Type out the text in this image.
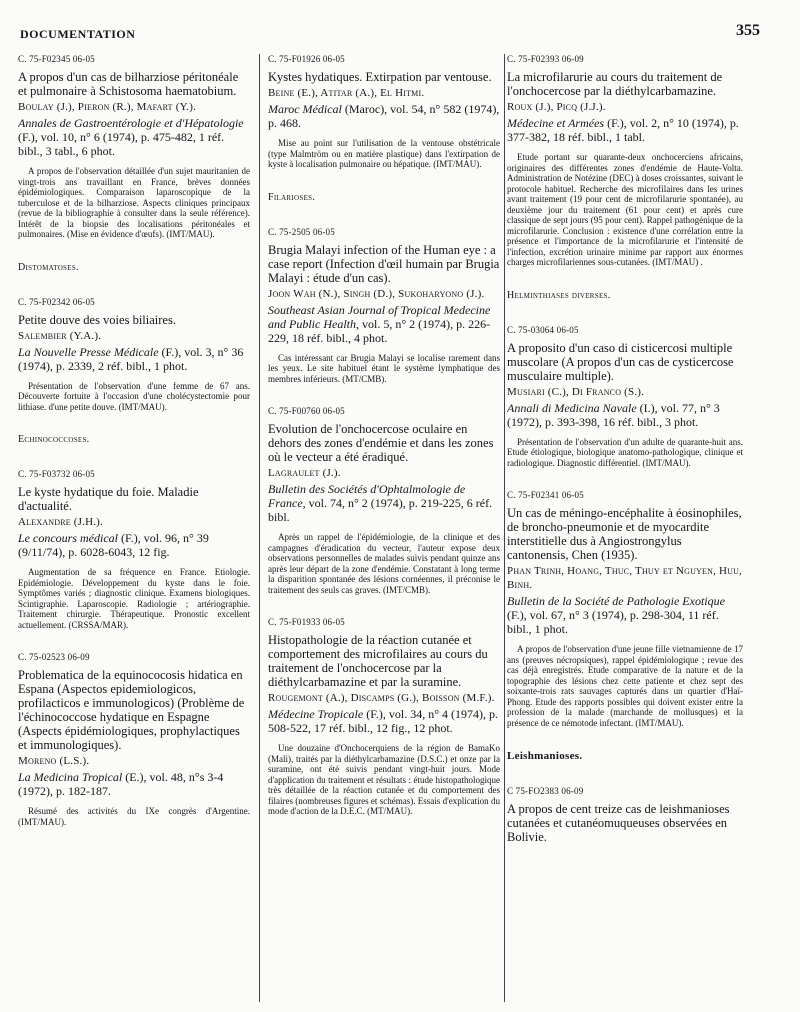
DOCUMENTATION	355
C. 75-F02345 06-05
A propos d'un cas de bilharziose péritonéale et pulmonaire à Schistosoma haematobium.
Boulay (J.), Pieron (R.), Mafart (Y.).
Annales de Gastroentérologie et d'Hépatologie (F.), vol. 10, n° 6 (1974), p. 475-482, 1 réf. bibl., 3 tabl., 6 phot.
A propos de l'observation détaillée d'un sujet mauritanien de vingt-trois ans travaillant en France, brèves données épidémiologiques. Comparaison laparoscopique de la tuberculose et de la bilharziose. Aspects cliniques principaux (revue de la bibliographie à consulter dans la seule référence). Intérêt de la biopsie des localisations péritonéales et pulmonaires. (Mise en évidence d'œufs). (IMT/MAU).
Distomatoses.
C. 75-F02342 06-05
Petite douve des voies biliaires.
Salembier (Y.A.).
La Nouvelle Presse Médicale (F.), vol. 3, n° 36 (1974), p. 2339, 2 réf. bibl., 1 phot.
Présentation de l'observation d'une femme de 67 ans. Découverte fortuite à l'occasion d'une cholécystectomie pour lithiase. d'une petite douve. (IMT/MAU).
Echinococcoses.
C. 75-F03732 06-05
Le kyste hydatique du foie. Maladie d'actualité.
Alexandre (J.H.).
Le concours médical (F.), vol. 96, n° 39 (9/11/74), p. 6028-6043, 12 fig.
Augmentation de sa fréquence en France. Etiologie. Epidémiologie. Développement du kyste dans le foie. Symptômes variés ; diagnostic clinique. Examens biologiques. Scintigraphie. Laparoscopie. Radiologie ; artériographie. Traitement chirurgie. Thérapeutique. Pronostic excellent actuellement. (CRSSA/MAR).
C. 75-02523 06-09
Problematica de la equinococosis hidatica en Espana (Aspectos epidemiologicos, profilacticos e immunologicos) (Problème de l'échinococcose hydatique en Espagne (Aspects épidémiologiques, prophylactiques et immunologiques).
Moreno (L.S.).
La Medicina Tropical (E.), vol. 48, n°s 3-4 (1972), p. 182-187.
Résumé des activités du IXe congrès d'Argentine. (IMT/MAU).
C. 75-F01926 06-05
Kystes hydatiques. Extirpation par ventouse.
Beine (E.), Atitar (A.), El Hitmi.
Maroc Médical (Maroc), vol. 54, n° 582 (1974), p. 468.
Mise au point sur l'utilisation de la ventouse obstétricale (type Malmtröm ou en matière plastique) dans l'extirpation de kyste à localisation pulmonaire ou hépatique. (IMT/MAU).
Filarioses.
C. 75-2505 06-05
Brugia Malayi infection of the Human eye : a case report (Infection d'œil humain par Brugia Malayi : étude d'un cas).
Joon Wah (N.), Singh (D.), Sukoharyono (J.).
Southeast Asian Journal of Tropical Medecine and Public Health, vol. 5, n° 2 (1974), p. 226-229, 18 réf. bibl., 4 phot.
Cas intéressant car Brugia Malayi se localise rarement dans les yeux. Le site habituel étant le système lymphatique des membres inférieurs. (MT/CMB).
C. 75-F00760 06-05
Evolution de l'onchocercose oculaire en dehors des zones d'endémie et dans les zones où le vecteur a été éradiqué.
Lagraulet (J.).
Bulletin des Sociétés d'Ophtalmologie de France, vol. 74, n° 2 (1974), p. 219-225, 6 réf. bibl.
Après un rappel de l'épidémiologie, de la clinique et des campagnes d'éradication du vecteur, l'auteur expose deux observations personnelles de malades suivis pendant quinze ans après leur départ de la zone d'endémie. Constatant à long terme la disparition spontanée des lésions cornéennes, il préconise le traitement des seuls cas graves. (IMT/CMB).
C. 75-F01933 06-05
Histopathologie de la réaction cutanée et comportement des microfilaires au cours du traitement de l'onchocercose par la diéthylcarbamazine et par la suramine.
Rougemont (A.), Discamps (G.), Boisson (M.F.).
Médecine Tropicale (F.), vol. 34, n° 4 (1974), p. 508-522, 17 réf. bibl., 12 fig., 12 phot.
Une douzaine d'Onchocerquiens de la région de BamaKo (Mali), traités par la diéthylcarbamazine (D.S.C.) et onze par la suramine, ont été suivis pendant vingt-huit jours. Mode d'application du traitement et résultats : étude histopathologique très détaillée de la réaction cutanée et du comportement des filaires (nombreuses figures et schémas). Essais d'explication du mode d'action de la D.E.C. (MT/MAU).
C. 75-F02393 06-09
La microfilarurie au cours du traitement de l'onchocercose par la diéthylcarbamazine.
Roux (J.), Picq (J.J.).
Médecine et Armées (F.), vol. 2, n° 10 (1974), p. 377-382, 18 réf. bibl., 1 tabl.
Etude portant sur quarante-deux onchocerciens africains, originaires des différentes zones d'endémie de Haute-Volta. Administration de Notézine (DEC) à doses croissantes, suivant le protocole habituel. Recherche des microfilaires dans les urines avant traitement (19 pour cent de microfilarurie spontanée), au deuxième jour du traitement (61 pour cent) et après cure classique de sept jours (95 pour cent). Rappel pathogénique de la microfilarurie. Conclusion : existence d'une corrélation entre la présence et l'importance de la microfilarurie et l'intensité de l'infection, excrétion urinaire minime par rapport aux énormes charges microfilariennes sous-cutanées. (IMT/MAU) .
Helminthiases diverses.
C. 75-03064 06-05
A proposito d'un caso di cisticercosi multiple muscolare (A propos d'un cas de cysticercose musculaire multiple).
Musiari (C.), Di Franco (S.).
Annali di Medicina Navale (I.), vol. 77, n° 3 (1972), p. 393-398, 16 réf. bibl., 3 phot.
Présentation de l'observation d'un adulte de quarante-huit ans. Etude étiologique, biologique anatomo-pathologique, clinique et radiologique. Diagnostic différentiel. (IMT/MAU).
C. 75-F02341 06-05
Un cas de méningo-encéphalite à éosinophiles, de broncho-pneumonie et de myocardite interstitielle dus à Angiostrongylus cantonensis, Chen (1935).
Phan Trinh, Hoang, Thuc, Thuy et Nguyen, Huu, Binh.
Bulletin de la Société de Pathologie Exotique (F.), vol. 67, n° 3 (1974), p. 298-304, 11 réf. bibl., 1 phot.
A propos de l'observation d'une jeune fille vietnamienne de 17 ans (preuves nécropsiques), rappel épidémiologique ; revue des cas déjà enregistrés. Etude comparative de la nature et de la topographie des lésions chez cette patiente et chez sept des soixante-trois rats sauvages capturés dans un quartier d'Haï-Phong. Etude des rapports possibles qui doivent exister entre la profession de la malade (marchande de mollusques) et la présence de ce némotode infectant. (IMT/MAU).
Leishmanioses.
C 75-FO2383 06-09
A propos de cent treize cas de leishmanioses cutanées et cutanéomuqueuses observées en Bolivie.
